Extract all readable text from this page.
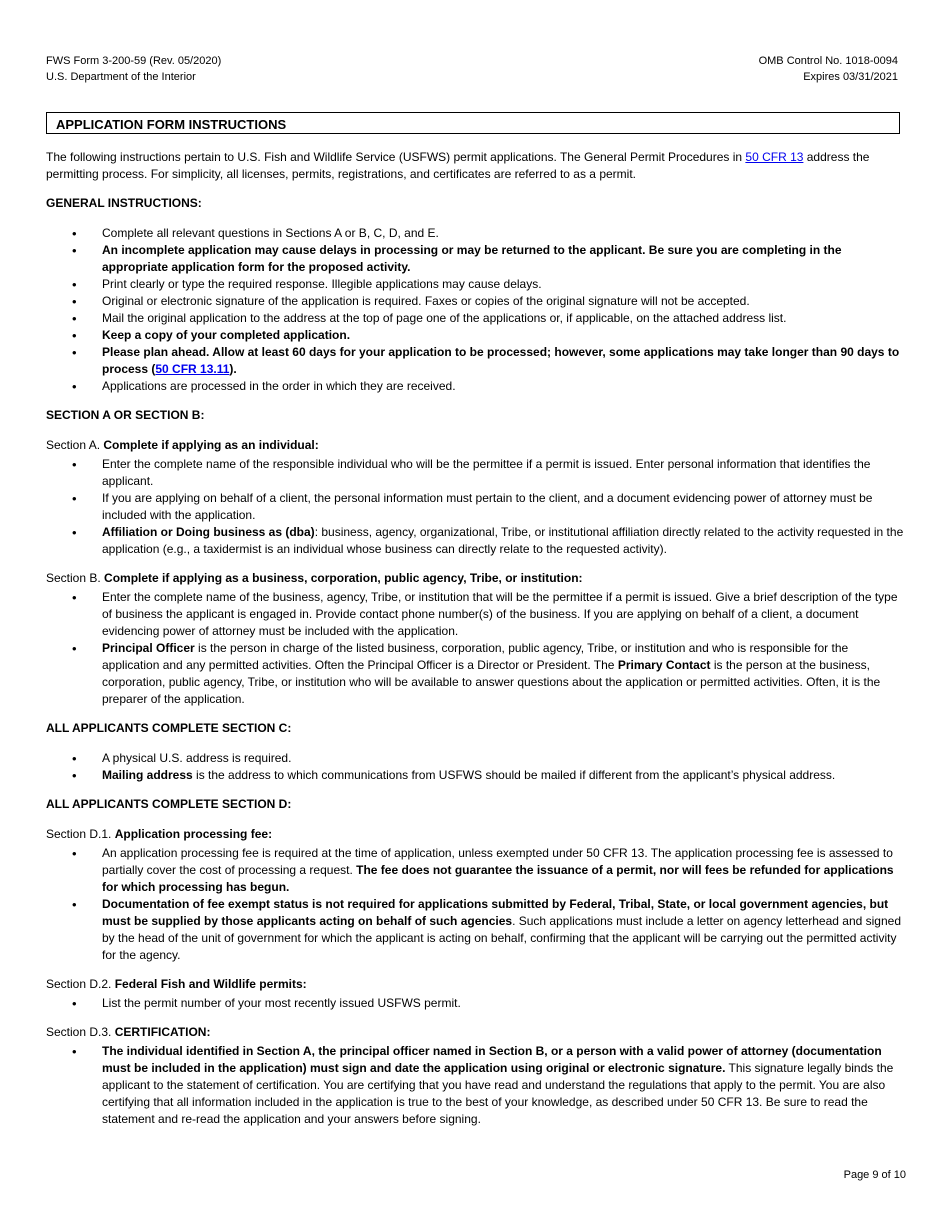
FWS Form 3-200-59 (Rev. 05/2020)
U.S. Department of the Interior
OMB Control No. 1018-0094
Expires 03/31/2021
APPLICATION FORM INSTRUCTIONS

The following instructions pertain to U.S. Fish and Wildlife Service (USFWS) permit applications. The General Permit Procedures in 50 CFR 13 address the permitting process. For simplicity, all licenses, permits, registrations, and certificates are referred to as a permit.

GENERAL INSTRUCTIONS:

• Complete all relevant questions in Sections A or B, C, D, and E.
• An incomplete application may cause delays in processing or may be returned to the applicant. Be sure you are completing in the appropriate application form for the proposed activity.
• Print clearly or type the required response. Illegible applications may cause delays.
• Original or electronic signature of the application is required. Faxes or copies of the original signature will not be accepted.
• Mail the original application to the address at the top of page one of the applications or, if applicable, on the attached address list.
• Keep a copy of your completed application.
• Please plan ahead. Allow at least 60 days for your application to be processed; however, some applications may take longer than 90 days to process (50 CFR 13.11).
• Applications are processed in the order in which they are received.

SECTION A OR SECTION B:

Section A. Complete if applying as an individual:

• Enter the complete name of the responsible individual who will be the permittee if a permit is issued. Enter personal information that identifies the applicant.
• If you are applying on behalf of a client, the personal information must pertain to the client, and a document evidencing power of attorney must be included with the application.
• Affiliation or Doing business as (dba): business, agency, organizational, Tribe, or institutional affiliation directly related to the activity requested in the application (e.g., a taxidermist is an individual whose business can directly relate to the requested activity).

Section B. Complete if applying as a business, corporation, public agency, Tribe, or institution:

• Enter the complete name of the business, agency, Tribe, or institution that will be the permittee if a permit is issued. Give a brief description of the type of business the applicant is engaged in. Provide contact phone number(s) of the business. If you are applying on behalf of a client, a document evidencing power of attorney must be included with the application.
• Principal Officer is the person in charge of the listed business, corporation, public agency, Tribe, or institution and who is responsible for the application and any permitted activities. Often the Principal Officer is a Director or President. The Primary Contact is the person at the business, corporation, public agency, Tribe, or institution who will be available to answer questions about the application or permitted activities. Often, it is the preparer of the application.

ALL APPLICANTS COMPLETE SECTION C:

• A physical U.S. address is required.
• Mailing address is the address to which communications from USFWS should be mailed if different from the applicant’s physical address.

ALL APPLICANTS COMPLETE SECTION D:

Section D.1. Application processing fee:

• An application processing fee is required at the time of application, unless exempted under 50 CFR 13. The application processing fee is assessed to partially cover the cost of processing a request. The fee does not guarantee the issuance of a permit, nor will fees be refunded for applications for which processing has begun.
• Documentation of fee exempt status is not required for applications submitted by Federal, Tribal, State, or local government agencies, but must be supplied by those applicants acting on behalf of such agencies. Such applications must include a letter on agency letterhead and signed by the head of the unit of government for which the applicant is acting on behalf, confirming that the applicant will be carrying out the permitted activity for the agency.

Section D.2. Federal Fish and Wildlife permits:

• List the permit number of your most recently issued USFWS permit.

Section D.3. CERTIFICATION:

• The individual identified in Section A, the principal officer named in Section B, or a person with a valid power of attorney (documentation must be included in the application) must sign and date the application using original or electronic signature. This signature legally binds the applicant to the statement of certification. You are certifying that you have read and understand the regulations that apply to the permit. You are also certifying that all information included in the application is true to the best of your knowledge, as described under 50 CFR 13. Be sure to read the statement and re-read the application and your answers before signing.
Page 9 of 10
